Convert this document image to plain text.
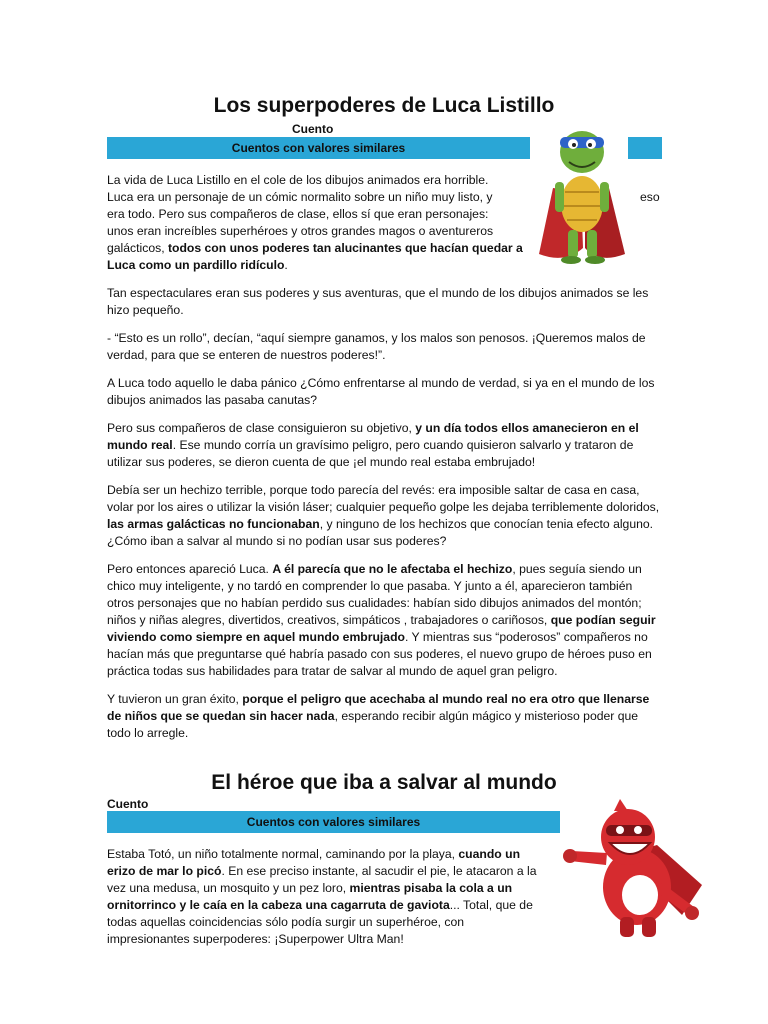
Los superpoderes de Luca Listillo
Cuento
Cuentos con valores similares
eso

La vida de Luca Listillo en el cole de los dibujos animados era horrible.
Luca era un personaje de un cómic normalito sobre un niño muy listo, y
era todo. Pero sus compañeros de clase, ellos sí que eran personajes:
unos eran increíbles superhéroes y otros grandes magos o aventureros
galácticos, todos con unos poderes tan alucinantes que hacían quedar a
Luca como un pardillo ridículo.

Tan espectaculares eran sus poderes y sus aventuras, que el mundo de los dibujos animados se les hizo pequeño.

- “Esto es un rollo”, decían, “aquí siempre ganamos, y los malos son penosos. ¡Queremos malos de verdad, para que se enteren de nuestros poderes!”.

A Luca todo aquello le daba pánico ¿Cómo enfrentarse al mundo de verdad, si ya en el mundo de los dibujos animados las pasaba canutas?

Pero sus compañeros de clase consiguieron su objetivo, y un día todos ellos amanecieron en el mundo real. Ese mundo corría un gravísimo peligro, pero cuando quisieron salvarlo y trataron de utilizar sus poderes, se dieron cuenta de que ¡el mundo real estaba embrujado!

Debía ser un hechizo terrible, porque todo parecía del revés: era imposible saltar de casa en casa, volar por los aires o utilizar la visión láser; cualquier pequeño golpe les dejaba terriblemente doloridos, las armas galácticas no funcionaban, y ninguno de los hechizos que conocían tenia efecto alguno. ¿Cómo iban a salvar al mundo si no podían usar sus poderes?

Pero entonces apareció Luca. A él parecía que no le afectaba el hechizo, pues seguía siendo un chico muy inteligente, y no tardó en comprender lo que pasaba. Y junto a él, aparecieron también otros personajes que no habían perdido sus cualidades: habían sido dibujos animados del montón; niños y niñas alegres, divertidos, creativos, simpáticos , trabajadores o cariñosos, que podían seguir viviendo como siempre en aquel mundo embrujado. Y mientras sus “poderosos” compañeros no hacían más que preguntarse qué habría pasado con sus poderes, el nuevo grupo de héroes puso en práctica todas sus habilidades para tratar de salvar al mundo de aquel gran peligro.

Y tuvieron un gran éxito, porque el peligro que acechaba al mundo real no era otro que llenarse de niños que se quedan sin hacer nada, esperando recibir algún mágico y misterioso poder que todo lo arregle.

El héroe que iba a salvar al mundo
Cuento
Cuentos con valores similares

Estaba Totó, un niño totalmente normal, caminando por la playa, cuando un erizo de mar lo picó. En ese preciso instante, al sacudir el pie, le atacaron a la vez una medusa, un mosquito y un pez loro, mientras pisaba la cola a un ornitorrinco y le caía en la cabeza una cagarruta de gaviota... Total, que de todas aquellas coincidencias sólo podía surgir un superhéroe, con impresionantes superpoderes: ¡Superpower Ultra Man!
